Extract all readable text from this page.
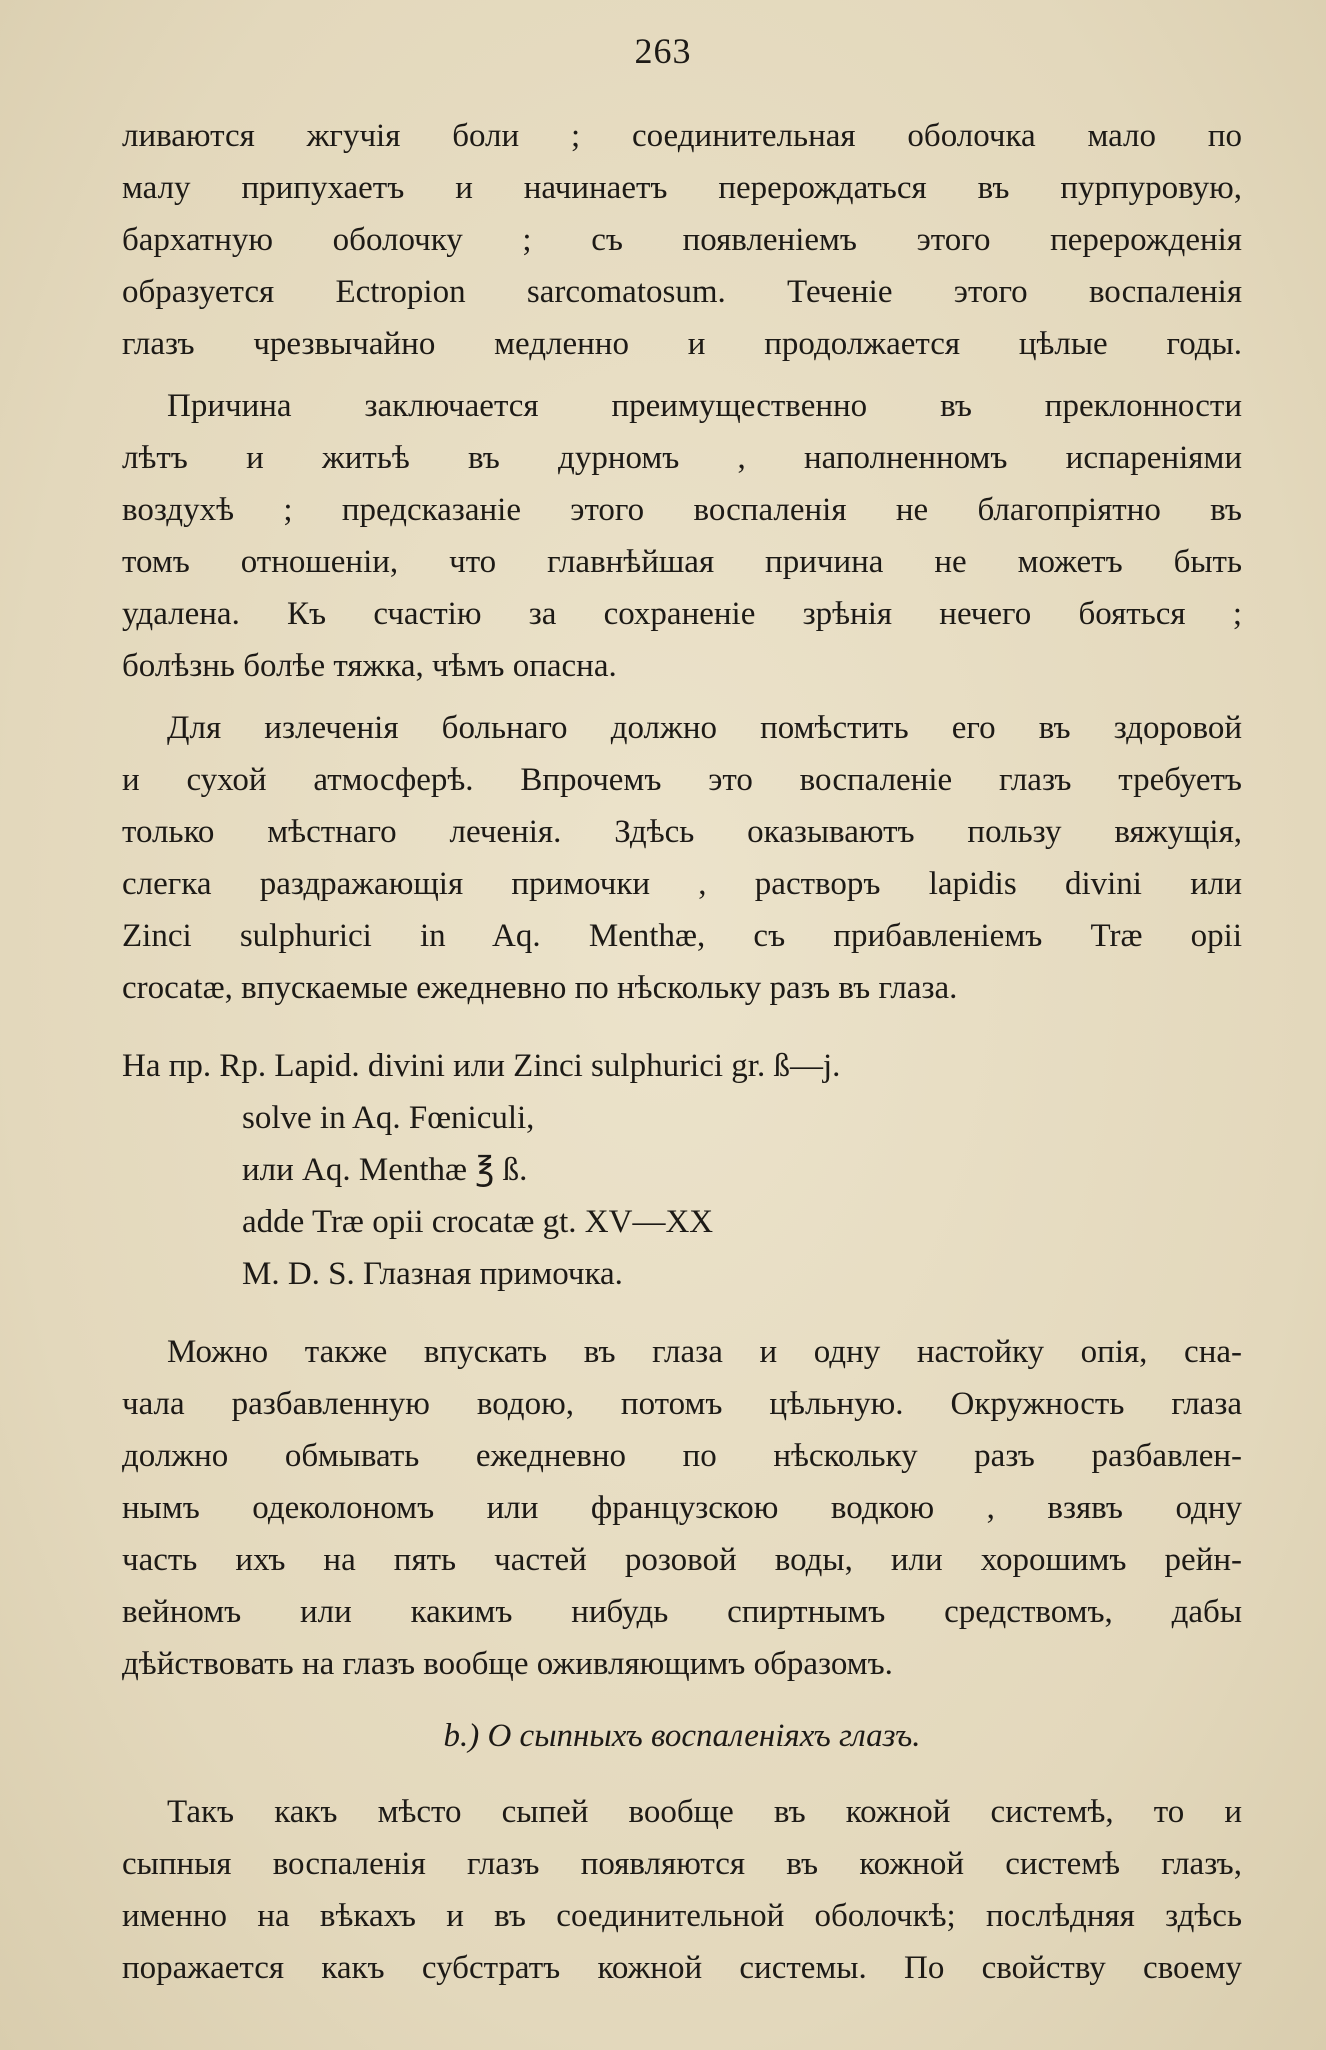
263
ливаются жгучія боли ; соединительная оболочка мало по
малу припухаетъ и начинаетъ перерождаться въ пурпуровую,
бархатную оболочку ; съ появленіемъ этого перерожденія
образуется Ectropion sarcomatosum. Теченіе этого воспаленія
глазъ чрезвычайно медленно и продолжается цѣлые годы.
Причина заключается преимущественно въ преклонности
лѣтъ и житьѣ въ дурномъ , наполненномъ испареніями
воздухѣ ; предсказаніе этого воспаленія не благопріятно въ
томъ отношеніи, что главнѣйшая причина не можетъ быть
удалена. Къ счастію за сохраненіе зрѣнія нечего бояться ;
болѣзнь болѣе тяжка, чѣмъ опасна.
Для излеченія больнаго должно помѣстить его въ здоровой
и сухой атмосферѣ. Впрочемъ это воспаленіе глазъ требуетъ
только мѣстнаго леченія. Здѣсь оказываютъ пользу вяжущія,
слегка раздражающія примочки , растворъ lapidis divini или
Zinci sulphurici in Aq. Menthæ, съ прибавленіемъ Træ opii
crocatæ, впускаемые ежедневно по нѣскольку разъ въ глаза.
На пр. Rp. Lapid. divini или Zinci sulphurici gr. ß—j.
solve in Aq. Fœniculi,
или Aq. Menthæ ℥ ß.
adde Træ opii crocatæ gt. XV—XX
M. D. S. Глазная примочка.
Можно также впускать въ глаза и одну настойку опія, сна-
чала разбавленную водою, потомъ цѣльную. Окружность глаза
должно обмывать ежедневно по нѣскольку разъ разбавлен-
нымъ одеколономъ или французскою водкою , взявъ одну
часть ихъ на пять частей розовой воды, или хорошимъ рейн-
вейномъ или какимъ нибудь спиртнымъ средствомъ, дабы
дѣйствовать на глазъ вообще оживляющимъ образомъ.
b.) О сыпныхъ воспаленіяхъ глазъ.
Такъ какъ мѣсто сыпей вообще въ кожной системѣ, то и
сыпныя воспаленія глазъ появляются въ кожной системѣ глазъ,
именно на вѣкахъ и въ соединительной оболочкѣ; послѣдняя здѣсь
поражается какъ субстратъ кожной системы. По свойству своему
